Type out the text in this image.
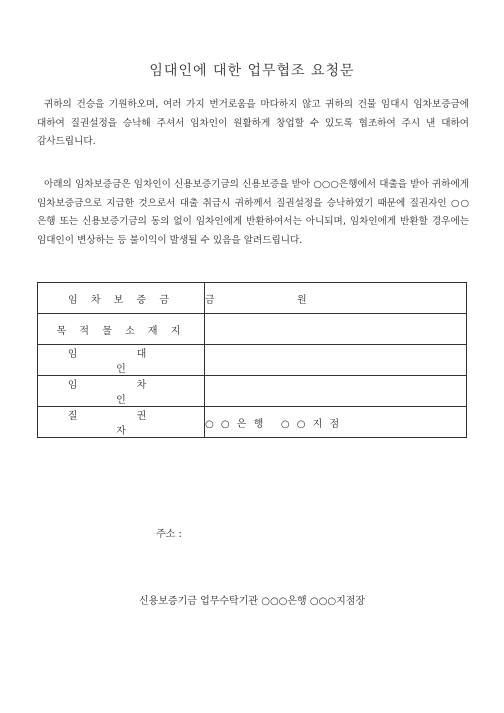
임대인에 대한 업무협조 요청문

귀하의 건승을 기원하오며, 여러 가지 번거로움을 마다하지 않고 귀하의 건물 임대시 임차보증금에 대하여 질권설정을 승낙해 주셔서 임차인이 원활하게 창업할 수 있도록 협조하여 주시 낸 대하여 감사드립니다.

아래의 임차보증금은 임차인이 신용보증기금의 신용보증을 받아 ○○○은행에서 대출을 받아 귀하에게 임차보증금으로 지급한 것으로서 대출 취급시 귀하께서 질권설정을 승낙하였기 때문에 질권자인 ○○ 은행 또는 신용보증기금의 동의 없이 임차인에게 반환하여서는 아니되며, 임차인에게 반환할 경우에는 임대인이 변상하는 등 불이익이 발생될 수 있음을 알려드립니다.

임 차 보 증 금	금 원
목 적 물 소 재 지	
임 대 인	
임 차 인	
질 권 자	○ ○ 은 행   ○ ○ 지 점
주소 :
신용보증기금 업무수탁기관 ○○○은행 ○○○지점장
